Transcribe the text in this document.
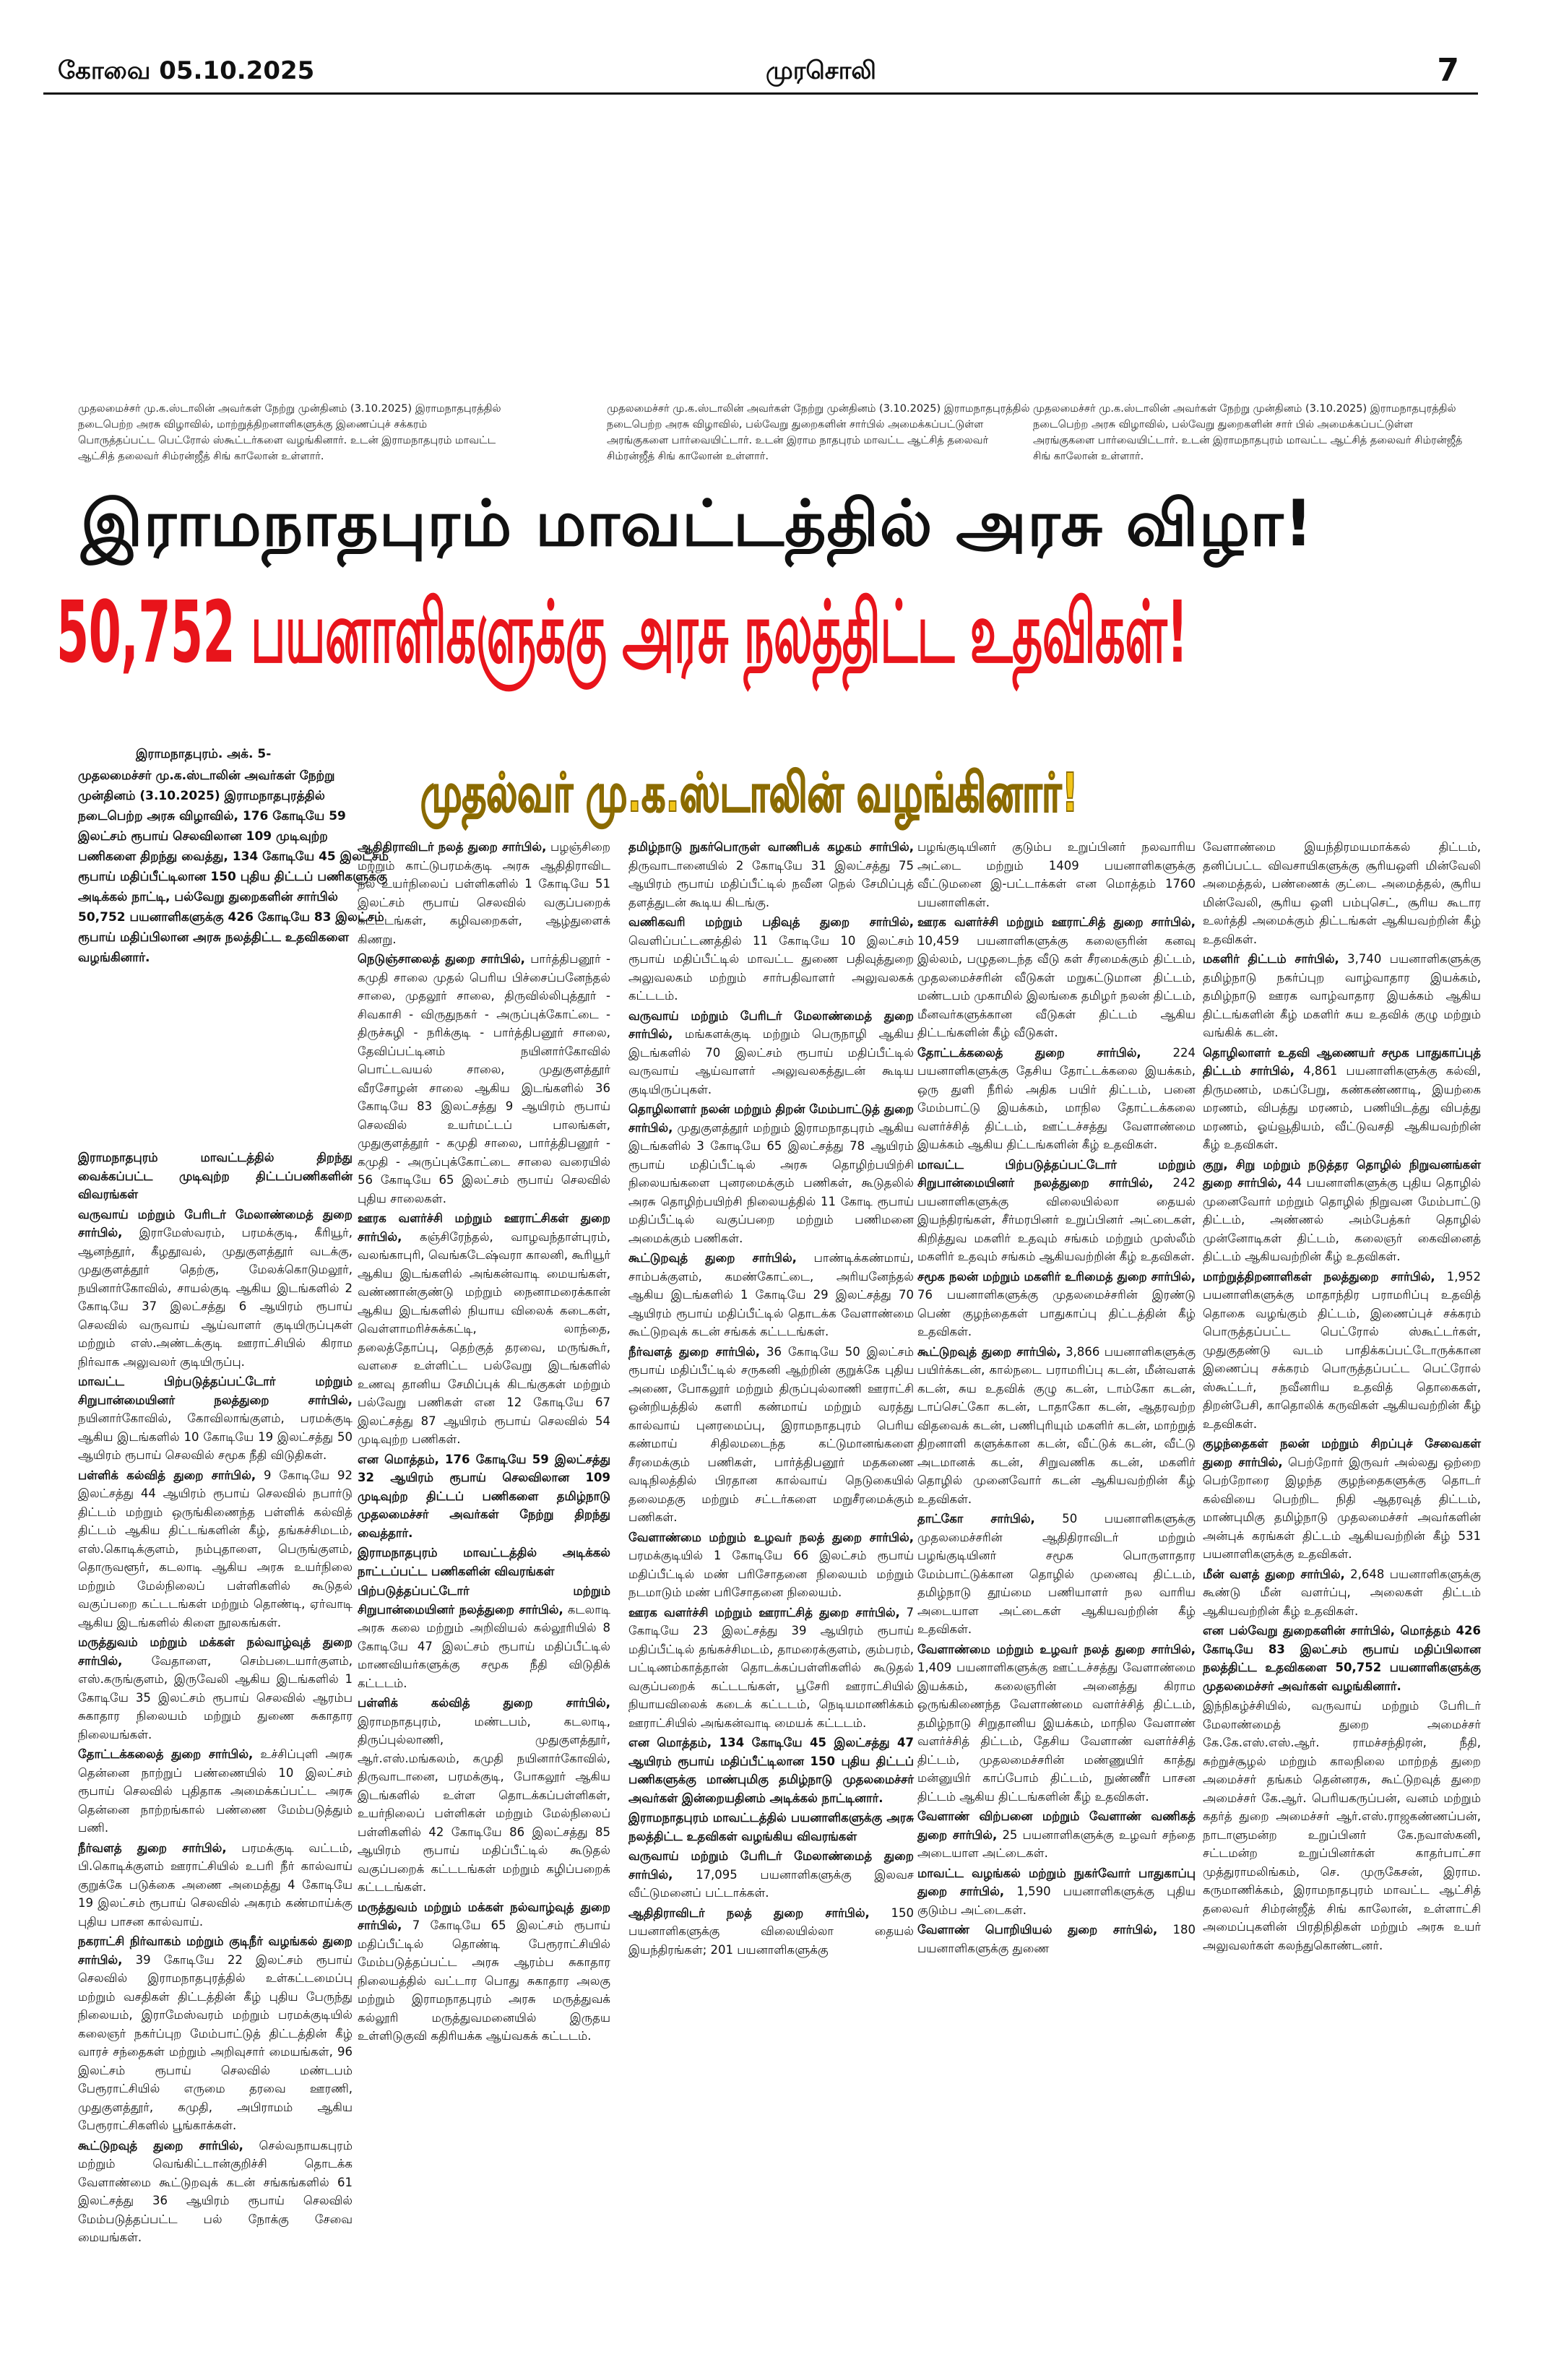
கோவை 05.10.2025	முரசொலி	7
முதலமைச்சர் மு.க.ஸ்டாலின் அவர்கள் நேற்று முன்தினம் (3.10.2025) இராமநாதபுரத்தில் நடைபெற்ற அரசு விழாவில், மாற்றுத்திறனாளிகளுக்கு இணைப்புச் சக்கரம் பொருத்தப்பட்ட பெட்ரோல் ஸ்கூட்டர்களை வழங்கினார். உடன் இராமநாதபுரம் மாவட்ட ஆட்சித் தலைவர் சிம்ரன்ஜீத் சிங் காலோன் உள்ளார்.
முதலமைச்சர் மு.க.ஸ்டாலின் அவர்கள் நேற்று முன்தினம் (3.10.2025) இராமநாதபுரத்தில் நடைபெற்ற அரசு விழாவில், பல்வேறு துறைகளின் சார்பில் அமைக்கப்பட்டுள்ள அரங்குகளை பார்வையிட்டார். உடன் இராம நாதபுரம் மாவட்ட ஆட்சித் தலைவர் சிம்ரன்ஜீத் சிங் காலோன் உள்ளார்.
முதலமைச்சர் மு.க.ஸ்டாலின் அவர்கள் நேற்று முன்தினம் (3.10.2025) இராமநாதபுரத்தில் நடைபெற்ற அரசு விழாவில், பல்வேறு துறைகளின் சார் பில் அமைக்கப்பட்டுள்ள அரங்குகளை பார்வையிட்டார். உடன் இராமநாதபுரம் மாவட்ட ஆட்சித் தலைவர் சிம்ரன்ஜீத் சிங் காலோன் உள்ளார்.
இராமநாதபுரம் மாவட்டத்தில் அரசு விழா!
50,752 பயனாளிகளுக்கு அரசு நலத்திட்ட உதவிகள்!

இராமநாதபுரம். அக். 5-

முதலமைச்சர் மு.க.ஸ்டாலின் அவர்கள் நேற்று முன்தினம் (3.10.2025) இராமநாதபுரத்தில் நடைபெற்ற அரசு விழாவில், 176 கோடியே 59 இலட்சம் ரூபாய் செலவிலான 109 முடிவுற்ற பணிகளை திறந்து வைத்து, 134 கோடியே 45 இலட்சம் ரூபாய் மதிப்பீட்டிலான 150 புதிய திட்டப் பணிகளுக்கு அடிக்கல் நாட்டி, பல்வேறு துறைகளின் சார்பில் 50,752 பயனாளிகளுக்கு 426 கோடியே 83 இலட்சம் ரூபாய் மதிப்பிலான அரசு நலத்திட்ட உதவிகளை வழங்கினார்.

முதல்வர் மு.க.ஸ்டாலின் வழங்கினார்!

இராமநாதபுரம் மாவட்டத்தில் திறந்து வைக்கப்பட்ட முடிவுற்ற திட்டப்பணிகளின் விவரங்கள்

வருவாய் மற்றும் பேரிடர் மேலாண்மைத் துறை சார்பில், இராமேஸ்வரம், பரமக்குடி, கீரியூர், ஆனந்தூர், கீழதூவல், முதுகுளத்தூர் வடக்கு, முதுகுளத்தூர் தெற்கு, மேலக்கொடுமலூர், நயினார்கோவில், சாயல்குடி ஆகிய இடங்களில் 2 கோடியே 37 இலட்சத்து 6 ஆயிரம் ரூபாய் செலவில் வருவாய் ஆய்வாளர் குடியிருப்புகள் மற்றும் எஸ்.அண்டக்குடி ஊராட்சியில் கிராம நிர்வாக அலுவலர் குடியிருப்பு.

மாவட்ட பிற்படுத்தப்பட்டோர் மற்றும் சிறுபான்மையினர் நலத்துறை சார்பில், நயினார்கோவில், கோவிலாங்குளம், பரமக்குடி ஆகிய இடங்களில் 10 கோடியே 19 இலட்சத்து 50 ஆயிரம் ரூபாய் செலவில் சமூக நீதி விடுதிகள்.

பள்ளிக் கல்வித் துறை சார்பில், 9 கோடியே 92 இலட்சத்து 44 ஆயிரம் ரூபாய் செலவில் நபார்டு திட்டம் மற்றும் ஒருங்கிணைந்த பள்ளிக் கல்வித் திட்டம் ஆகிய திட்டங்களின் கீழ், தங்கச்சிமடம், எஸ்.கொடிக்குளம், நம்புதாளை, பெருங்குளம், தொருவளூர், கடலாடி ஆகிய அரசு உயர்நிலை மற்றும் மேல்நிலைப் பள்ளிகளில் கூடுதல் வகுப்பறை கட்டடங்கள் மற்றும் தொண்டி, ஏர்வாடி ஆகிய இடங்களில் கிளை நூலகங்கள்.

மருத்துவம் மற்றும் மக்கள் நல்வாழ்வுத் துறை சார்பில், வேதாளை, செம்படையார்குளம், எஸ்.கருங்குளம், இருவேலி ஆகிய இடங்களில் 1 கோடியே 35 இலட்சம் ரூபாய் செலவில் ஆரம்ப சுகாதார நிலையம் மற்றும் துணை சுகாதார நிலையங்கள்.

தோட்டக்கலைத் துறை சார்பில், உச்சிப்புளி அரசு தென்னை நாற்றுப் பண்ணையில் 10 இலட்சம் ரூபாய் செலவில் புதிதாக அமைக்கப்பட்ட அரசு தென்னை நாற்றங்கால் பண்ணை மேம்படுத்தும் பணி.

நீர்வளத் துறை சார்பில், பரமக்குடி வட்டம், பி.கொடிக்குளம் ஊராட்சியில் உபரி நீர் கால்வாய் குறுக்கே படுக்கை அணை அமைத்து 4 கோடியே 19 இலட்சம் ரூபாய் செலவில் அகரம் கண்மாய்க்கு புதிய பாசன கால்வாய்.

நகராட்சி நிர்வாகம் மற்றும் குடிநீர் வழங்கல் துறை சார்பில், 39 கோடியே 22 இலட்சம் ரூபாய் செலவில் இராமநாதபுரத்தில் உள்கட்டமைப்பு மற்றும் வசதிகள் திட்டத்தின் கீழ் புதிய பேருந்து நிலையம், இராமேஸ்வரம் மற்றும் பரமக்குடியில் கலைஞர் நகர்ப்புற மேம்பாட்டுத் திட்டத்தின் கீழ் வாரச் சந்தைகள் மற்றும் அறிவுசார் மையங்கள், 96 இலட்சம் ரூபாய் செலவில் மண்டபம் பேரூராட்சியில் எருமை தரவை ஊரணி, முதுகுளத்தூர், கமுதி, அபிராமம் ஆகிய பேரூராட்சிகளில் பூங்காக்கள்.

கூட்டுறவுத் துறை சார்பில், செல்வநாயகபுரம் மற்றும் வெங்கிட்டான்குறிச்சி தொடக்க வேளாண்மை கூட்டுறவுக் கடன் சங்கங்களில் 61 இலட்சத்து 36 ஆயிரம் ரூபாய் செலவில் மேம்படுத்தப்பட்ட பல் நோக்கு சேவை மையங்கள்.

ஆதிதிராவிடர் நலத் துறை சார்பில், பழஞ்சிறை மற்றும் காட்டுபரமக்குடி அரசு ஆதிதிராவிட நல உயர்நிலைப் பள்ளிகளில் 1 கோடியே 51 இலட்சம் ரூபாய் செலவில் வகுப்பறைக் கட்டடங்கள், கழிவறைகள், ஆழ்துளைக் கிணறு.

நெடுஞ்சாலைத் துறை சார்பில், பார்த்திபனூர் - கமுதி சாலை முதல் பெரிய பிச்சைப்பனேந்தல் சாலை, முதலூர் சாலை, திருவில்லிபுத்தூர் - சிவகாசி - விருதுநகர் - அருப்புக்கோட்டை - திருச்சுழி - நரிக்குடி - பார்த்திபனூர் சாலை, தேவிப்பட்டினம் நயினார்கோவில் பொட்டவயல் சாலை, முதுகுளத்தூர் வீரசோழன் சாலை ஆகிய இடங்களில் 36 கோடியே 83 இலட்சத்து 9 ஆயிரம் ரூபாய் செலவில் உயர்மட்டப் பாலங்கள், முதுகுளத்தூர் - கமுதி சாலை, பார்த்திபனூர் - கமுதி - அருப்புக்கோட்டை சாலை வரையில் 56 கோடியே 65 இலட்சம் ரூபாய் செலவில் புதிய சாலைகள்.

ஊரக வளர்ச்சி மற்றும் ஊராட்சிகள் துறை சார்பில், கஞ்சிரேந்தல், வாழவந்தாள்புரம், வலங்காபுரி, வெங்கடேஷ்வரா காலனி, கூரியூர் ஆகிய இடங்களில் அங்கன்வாடி மையங்கள், வண்ணான்குண்டு மற்றும் நைனாமரைக்கான் ஆகிய இடங்களில் நியாய விலைக் கடைகள், வெள்ளாமரிச்சுக்கட்டி, லாந்தை, தலைத்தோப்பு, தெற்குத் தரவை, மருங்கூர், வளசை உள்ளிட்ட பல்வேறு இடங்களில் உணவு தானிய சேமிப்புக் கிடங்குகள் மற்றும் பல்வேறு பணிகள் என 12 கோடியே 67 இலட்சத்து 87 ஆயிரம் ரூபாய் செலவில் 54 முடிவுற்ற பணிகள்.

என மொத்தம், 176 கோடியே 59 இலட்சத்து 32 ஆயிரம் ரூபாய் செலவிலான 109 முடிவுற்ற திட்டப் பணிகளை தமிழ்நாடு முதலமைச்சர் அவர்கள் நேற்று திறந்து வைத்தார்.

இராமநாதபுரம் மாவட்டத்தில் அடிக்கல் நாட்டப்பட்ட பணிகளின் விவரங்கள்

பிற்படுத்தப்பட்டோர் மற்றும் சிறுபான்மையினர் நலத்துறை சார்பில், கடலாடி அரசு கலை மற்றும் அறிவியல் கல்லூரியில் 8 கோடியே 47 இலட்சம் ரூபாய் மதிப்பீட்டில் மாணவியர்களுக்கு சமூக நீதி விடுதிக் கட்டடம்.

பள்ளிக் கல்வித் துறை சார்பில், இராமநாதபுரம், மண்டபம், கடலாடி, திருப்புல்லாணி, முதுகுளத்தூர், ஆர்.எஸ்.மங்கலம், கமுதி நயினார்கோவில், திருவாடானை, பரமக்குடி, போகலூர் ஆகிய இடங்களில் உள்ள தொடக்கப்பள்ளிகள், உயர்நிலைப் பள்ளிகள் மற்றும் மேல்நிலைப் பள்ளிகளில் 42 கோடியே 86 இலட்சத்து 85 ஆயிரம் ரூபாய் மதிப்பீட்டில் கூடுதல் வகுப்பறைக் கட்டடங்கள் மற்றும் கழிப்பறைக் கட்டடங்கள்.

மருத்துவம் மற்றும் மக்கள் நல்வாழ்வுத் துறை சார்பில், 7 கோடியே 65 இலட்சம் ரூபாய் மதிப்பீட்டில் தொண்டி பேரூராட்சியில் மேம்படுத்தப்பட்ட அரசு ஆரம்ப சுகாதார நிலையத்தில் வட்டார பொது சுகாதார அலகு மற்றும் இராமநாதபுரம் அரசு மருத்துவக் கல்லூரி மருத்துவமனையில் இருதய உள்ளிடுகுவி கதிரியக்க ஆய்வகக் கட்டடம்.

தமிழ்நாடு நுகர்பொருள் வாணிபக் கழகம் சார்பில், திருவாடானையில் 2 கோடியே 31 இலட்சத்து 75 ஆயிரம் ரூபாய் மதிப்பீட்டில் நவீன நெல் சேமிப்புத் தளத்துடன் கூடிய கிடங்கு.

வணிகவரி மற்றும் பதிவுத் துறை சார்பில், வெளிப்பட்டணத்தில் 11 கோடியே 10 இலட்சம் ரூபாய் மதிப்பீட்டில் மாவட்ட துணை பதிவுத்துறை அலுவலகம் மற்றும் சார்பதிவாளர் அலுவலகக் கட்டடம்.

வருவாய் மற்றும் பேரிடர் மேலாண்மைத் துறை சார்பில், மங்களக்குடி மற்றும் பெருநாழி ஆகிய இடங்களில் 70 இலட்சம் ரூபாய் மதிப்பீட்டில் வருவாய் ஆய்வாளர் அலுவலகத்துடன் கூடிய குடியிருப்புகள்.

தொழிலாளர் நலன் மற்றும் திறன் மேம்பாட்டுத் துறை சார்பில், முதுகுளத்தூர் மற்றும் இராமநாதபுரம் ஆகிய இடங்களில் 3 கோடியே 65 இலட்சத்து 78 ஆயிரம் ரூபாய் மதிப்பீட்டில் அரசு தொழிற்பயிற்சி நிலையங்களை புனரமைக்கும் பணிகள், கூடுதலில் அரசு தொழிற்பயிற்சி நிலையத்தில் 11 கோடி ரூபாய் மதிப்பீட்டில் வகுப்பறை மற்றும் பணிமனை அமைக்கும் பணிகள்.

கூட்டுறவுத் துறை சார்பில், பாண்டிக்கண்மாய், சாம்பக்குளம், கமண்கோட்டை, அரியனேந்தல் ஆகிய இடங்களில் 1 கோடியே 29 இலட்சத்து 70 ஆயிரம் ரூபாய் மதிப்பீட்டில் தொடக்க வேளாண்மை கூட்டுறவுக் கடன் சங்கக் கட்டடங்கள்.

நீர்வளத் துறை சார்பில், 36 கோடியே 50 இலட்சம் ரூபாய் மதிப்பீட்டில் சருகனி ஆற்றின் குறுக்கே புதிய அணை, போகலூர் மற்றும் திருப்புல்லாணி ஊராட்சி ஒன்றியத்தில் களரி கண்மாய் மற்றும் வரத்து கால்வாய் புனரமைப்பு, இராமநாதபுரம் பெரிய கண்மாய் சிதிலமடைந்த கட்டுமானங்களை சீரமைக்கும் பணிகள், பார்த்திபனூர் மதகணை வடிநிலத்தில் பிரதான கால்வாய் நெடுகையில் தலைமதகு மற்றும் சட்டர்களை மறுசீரமைக்கும் பணிகள்.

வேளாண்மை மற்றும் உழவர் நலத் துறை சார்பில், பரமக்குடியில் 1 கோடியே 66 இலட்சம் ரூபாய் மதிப்பீட்டில் மண் பரிசோதனை நிலையம் மற்றும் நடமாடும் மண் பரிசோதனை நிலையம்.

ஊரக வளர்ச்சி மற்றும் ஊராட்சித் துறை சார்பில், 7 கோடியே 23 இலட்சத்து 39 ஆயிரம் ரூபாய் மதிப்பீட்டில் தங்கச்சிமடம், தாமரைக்குளம், கும்பரம், பட்டிணம்காத்தான் தொடக்கப்பள்ளிகளில் கூடுதல் வகுப்பறைக் கட்டடங்கள், பூசேரி ஊராட்சியில் நியாயவிலைக் கடைக் கட்டடம், நெடியமாணிக்கம் ஊராட்சியில் அங்கன்வாடி மையக் கட்டடம்.

என மொத்தம், 134 கோடியே 45 இலட்சத்து 47 ஆயிரம் ரூபாய் மதிப்பீட்டிலான 150 புதிய திட்டப் பணிகளுக்கு மாண்புமிகு தமிழ்நாடு முதலமைச்சர் அவர்கள் இன்றையதினம் அடிக்கல் நாட்டினார்.

இராமநாதபுரம் மாவட்டத்தில் பயனாளிகளுக்கு அரசு நலத்திட்ட உதவிகள் வழங்கிய விவரங்கள்

வருவாய் மற்றும் பேரிடர் மேலாண்மைத் துறை சார்பில், 17,095 பயனாளிகளுக்கு இலவச வீட்டுமனைப் பட்டாக்கள்.

ஆதிதிராவிடர் நலத் துறை சார்பில், 150 பயனாளிகளுக்கு விலையில்லா தையல் இயந்திரங்கள்; 201 பயனாளிகளுக்கு

பழங்குடியினர் குடும்ப உறுப்பினர் நலவாரிய அட்டை மற்றும் 1409 பயனாளிகளுக்கு வீட்டுமனை இ-பட்டாக்கள் என மொத்தம் 1760 பயனாளிகள்.

ஊரக வளர்ச்சி மற்றும் ஊராட்சித் துறை சார்பில், 10,459 பயனாளிகளுக்கு கலைஞரின் கனவு இல்லம், பழுதடைந்த வீடு கள் சீரமைக்கும் திட்டம், முதலமைச்சரின் வீடுகள் மறுகட்டுமான திட்டம், மண்டபம் முகாமில் இலங்கை தமிழர் நலன் திட்டம், மீனவர்களுக்கான வீடுகள் திட்டம் ஆகிய திட்டங்களின் கீழ் வீடுகள்.

தோட்டக்கலைத் துறை சார்பில்,	224 பயனாளிகளுக்கு தேசிய தோட்டக்கலை இயக்கம், ஒரு துளி நீரில் அதிக பயிர் திட்டம், பனை மேம்பாட்டு இயக்கம், மாநில தோட்டக்கலை வளர்ச்சித் திட்டம், ஊட்டச்சத்து வேளாண்மை இயக்கம் ஆகிய திட்டங்களின் கீழ் உதவிகள்.

மாவட்ட பிற்படுத்தப்பட்டோர் மற்றும் சிறுபான்மையினர் நலத்துறை சார்பில், 242 பயனாளிகளுக்கு விலையில்லா தையல் இயந்திரங்கள், சீர்மரபினர் உறுப்பினர் அட்டைகள், கிறித்துவ மகளிர் உதவும் சங்கம் மற்றும் முஸ்லீம் மகளிர் உதவும் சங்கம் ஆகியவற்றின் கீழ் உதவிகள்.

சமூக நலன் மற்றும் மகளிர் உரிமைத் துறை சார்பில், 76 பயனாளிகளுக்கு முதலமைச்சரின் இரண்டு பெண் குழந்தைகள் பாதுகாப்பு திட்டத்தின் கீழ் உதவிகள்.

கூட்டுறவுத் துறை சார்பில், 3,866 பயனாளிகளுக்கு பயிர்க்கடன், கால்நடை பராமரிப்பு கடன், மீன்வளக் கடன், சுய உதவிக் குழு கடன், டாம்கோ கடன், டாப்செட்கோ கடன், டாதாகோ கடன், ஆதரவற்ற விதவைக் கடன், பணிபுரியும் மகளிர் கடன், மாற்றுத் திறனாளி களுக்கான கடன், வீட்டுக் கடன், வீட்டு அடமானக் கடன், சிறுவணிக கடன், மகளிர் தொழில் முனைவோர் கடன் ஆகியவற்றின் கீழ் உதவிகள்.

தாட்கோ சார்பில், 50 பயனாளிகளுக்கு முதலமைச்சரின் ஆதிதிராவிடர் மற்றும் பழங்குடியினர் சமூக பொருளாதார மேம்பாட்டுக்கான தொழில் முனைவு திட்டம், தமிழ்நாடு தூய்மை பணியாளர் நல வாரிய அடையாள அட்டைகள் ஆகியவற்றின் கீழ் உதவிகள்.

வேளாண்மை மற்றும் உழவர் நலத் துறை சார்பில், 1,409 பயனாளிகளுக்கு ஊட்டச்சத்து வேளாண்மை இயக்கம், கலைஞரின் அனைத்து கிராம ஒருங்கிணைந்த வேளாண்மை வளர்ச்சித் திட்டம், தமிழ்நாடு சிறுதானிய இயக்கம், மாநில வேளாண் வளர்ச்சித் திட்டம், தேசிய வேளாண் வளர்ச்சித் திட்டம், முதலமைச்சரின் மண்ணுயிர் காத்து மன்னுயிர் காப்போம் திட்டம், நுண்ணீர் பாசன திட்டம் ஆகிய திட்டங்களின் கீழ் உதவிகள்.

வேளாண் விற்பனை மற்றும் வேளாண் வணிகத் துறை சார்பில், 25 பயனாளிகளுக்கு உழவர் சந்தை அடையாள அட்டைகள்.

மாவட்ட வழங்கல் மற்றும் நுகர்வோர் பாதுகாப்பு துறை சார்பில், 1,590 பயனாளிகளுக்கு புதிய குடும்ப அட்டைகள்.

வேளாண் பொறியியல் துறை சார்பில், 180 பயனாளிகளுக்கு துணை

வேளாண்மை இயந்திரமயமாக்கல் திட்டம், தனிப்பட்ட விவசாயிகளுக்கு சூரியஒளி மின்வேலி அமைத்தல், பண்ணைக் குட்டை அமைத்தல், சூரிய மின்வேலி, சூரிய ஒளி பம்புசெட், சூரிய கூடார உலர்த்தி அமைக்கும் திட்டங்கள் ஆகியவற்றின் கீழ் உதவிகள்.

மகளிர் திட்டம் சார்பில், 3,740 பயனாளிகளுக்கு தமிழ்நாடு நகர்ப்புற வாழ்வாதார இயக்கம், தமிழ்நாடு ஊரக வாழ்வாதார இயக்கம் ஆகிய திட்டங்களின் கீழ் மகளிர் சுய உதவிக் குழு மற்றும் வங்கிக் கடன்.

தொழிலாளர் உதவி ஆணையர் சமூக பாதுகாப்புத் திட்டம் சார்பில், 4,861 பயனாளிகளுக்கு கல்வி, திருமணம், மகப்பேறு, கண்கண்ணாடி, இயற்கை மரணம், விபத்து மரணம், பணியிடத்து விபத்து மரணம், ஓய்வூதியம், வீட்டுவசதி ஆகியவற்றின் கீழ் உதவிகள்.

குறு, சிறு மற்றும் நடுத்தர தொழில் நிறுவனங்கள் துறை சார்பில், 44 பயனாளிகளுக்கு புதிய தொழில் முனைவோர் மற்றும் தொழில் நிறுவன மேம்பாட்டு திட்டம், அண்ணல் அம்பேத்கர் தொழில் முன்னோடிகள் திட்டம், கலைஞர் கைவினைத் திட்டம் ஆகியவற்றின் கீழ் உதவிகள்.

மாற்றுத்திறனாளிகள் நலத்துறை சார்பில், 1,952 பயனாளிகளுக்கு மாதாந்திர பராமரிப்பு உதவித் தொகை வழங்கும் திட்டம், இணைப்புச் சக்கரம் பொருத்தப்பட்ட பெட்ரோல் ஸ்கூட்டர்கள், முதுகுதண்டு வடம் பாதிக்கப்பட்டோருக்கான இணைப்பு சக்கரம் பொருத்தப்பட்ட பெட்ரோல் ஸ்கூட்டர், நவீனரிய உதவித் தொகைகள், திறன்பேசி, காதொலிக் கருவிகள் ஆகியவற்றின் கீழ் உதவிகள்.

குழந்தைகள் நலன் மற்றும் சிறப்புச் சேவைகள் துறை சார்பில், பெற்றோர் இருவர் அல்லது ஒற்றை பெற்றோரை இழந்த குழந்தைகளுக்கு தொடர் கல்வியை பெற்றிட நிதி ஆதரவுத் திட்டம், மாண்புமிகு தமிழ்நாடு முதலமைச்சர் அவர்களின் அன்புக் கரங்கள் திட்டம் ஆகியவற்றின் கீழ் 531 பயனாளிகளுக்கு உதவிகள்.

மீன் வளத் துறை சார்பில், 2,648 பயனாளிகளுக்கு கூண்டு மீன் வளர்ப்பு, அலைகள் திட்டம் ஆகியவற்றின் கீழ் உதவிகள்.

என பல்வேறு துறைகளின் சார்பில், மொத்தம் 426 கோடியே 83 இலட்சம் ரூபாய் மதிப்பிலான நலத்திட்ட உதவிகளை 50,752 பயனாளிகளுக்கு முதலமைச்சர் அவர்கள் வழங்கினார்.

இந்நிகழ்ச்சியில், வருவாய் மற்றும் பேரிடர் மேலாண்மைத் துறை அமைச்சர் கே.கே.எஸ்.எஸ்.ஆர். ராமச்சந்திரன், நீதி, சுற்றுச்சூழல் மற்றும் காலநிலை மாற்றத் துறை அமைச்சர் தங்கம் தென்னரசு, கூட்டுறவுத் துறை அமைச்சர் கே.ஆர். பெரியகருப்பன், வனம் மற்றும் கதர்த் துறை அமைச்சர் ஆர்.எஸ்.ராஜகண்ணப்பன், நாடாளுமன்ற உறுப்பினர் கே.நவாஸ்கனி, சட்டமன்ற உறுப்பினர்கள் காதர்பாட்சா முத்துராமலிங்கம், செ. முருகேசன், இராம. கருமாணிக்கம், இராமநாதபுரம் மாவட்ட ஆட்சித் தலைவர் சிம்ரன்ஜீத் சிங் காலோன், உள்ளாட்சி அமைப்புகளின் பிரதிநிதிகள் மற்றும் அரசு உயர் அலுவலர்கள் கலந்துகொண்டனர்.
